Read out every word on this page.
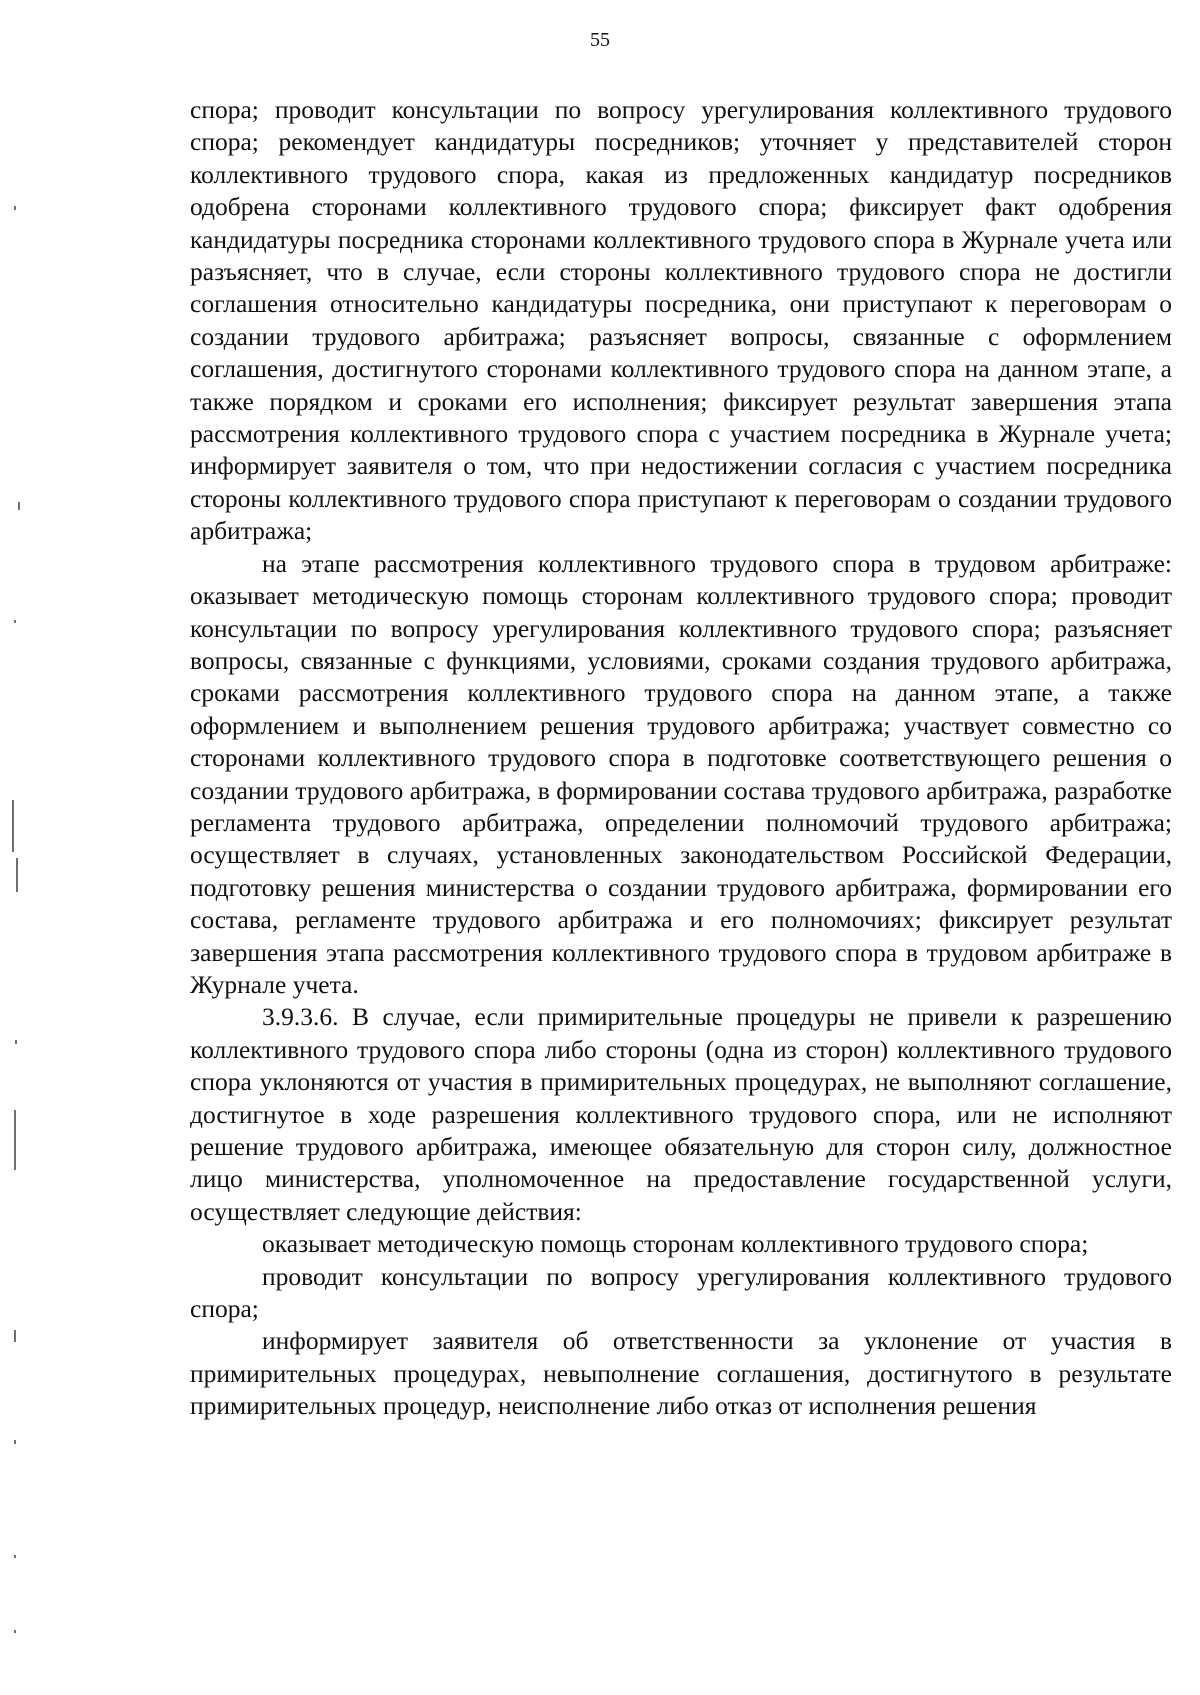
55

спора; проводит консультации по вопросу урегулирования коллективного трудового спора; рекомендует кандидатуры посредников; уточняет у представителей сторон коллективного трудового спора, какая из предложенных кандидатур посредников одобрена сторонами коллективного трудового спора; фиксирует факт одобрения кандидатуры посредника сторонами коллективного трудового спора в Журнале учета или разъясняет, что в случае, если стороны коллективного трудового спора не достигли соглашения относительно кандидатуры посредника, они приступают к переговорам о создании трудового арбитража; разъясняет вопросы, связанные с оформлением соглашения, достигнутого сторонами коллективного трудового спора на данном этапе, а также порядком и сроками его исполнения; фиксирует результат завершения этапа рассмотрения коллективного трудового спора с участием посредника в Журнале учета; информирует заявителя о том, что при недостижении согласия с участием посредника стороны коллективного трудового спора приступают к переговорам о создании трудового арбитража;

на этапе рассмотрения коллективного трудового спора в трудовом арбитраже: оказывает методическую помощь сторонам коллективного трудового спора; проводит консультации по вопросу урегулирования коллективного трудового спора; разъясняет вопросы, связанные с функциями, условиями, сроками создания трудового арбитража, сроками рассмотрения коллективного трудового спора на данном этапе, а также оформлением и выполнением решения трудового арбитража; участвует совместно со сторонами коллективного трудового спора в подготовке соответствующего решения о создании трудового арбитража, в формировании состава трудового арбитража, разработке регламента трудового арбитража, определении полномочий трудового арбитража; осуществляет в случаях, установленных законодательством Российской Федерации, подготовку решения министерства о создании трудового арбитража, формировании его состава, регламенте трудового арбитража и его полномочиях; фиксирует результат завершения этапа рассмотрения коллективного трудового спора в трудовом арбитраже в Журнале учета.

3.9.3.6. В случае, если примирительные процедуры не привели к разрешению коллективного трудового спора либо стороны (одна из сторон) коллективного трудового спора уклоняются от участия в примирительных процедурах, не выполняют соглашение, достигнутое в ходе разрешения коллективного трудового спора, или не исполняют решение трудового арбитража, имеющее обязательную для сторон силу, должностное лицо министерства, уполномоченное на предоставление государственной услуги, осуществляет следующие действия:

оказывает методическую помощь сторонам коллективного трудового спора;

проводит консультации по вопросу урегулирования коллективного трудового спора;

информирует заявителя об ответственности за уклонение от участия в примирительных процедурах, невыполнение соглашения, достигнутого в результате примирительных процедур, неисполнение либо отказ от исполнения решения
